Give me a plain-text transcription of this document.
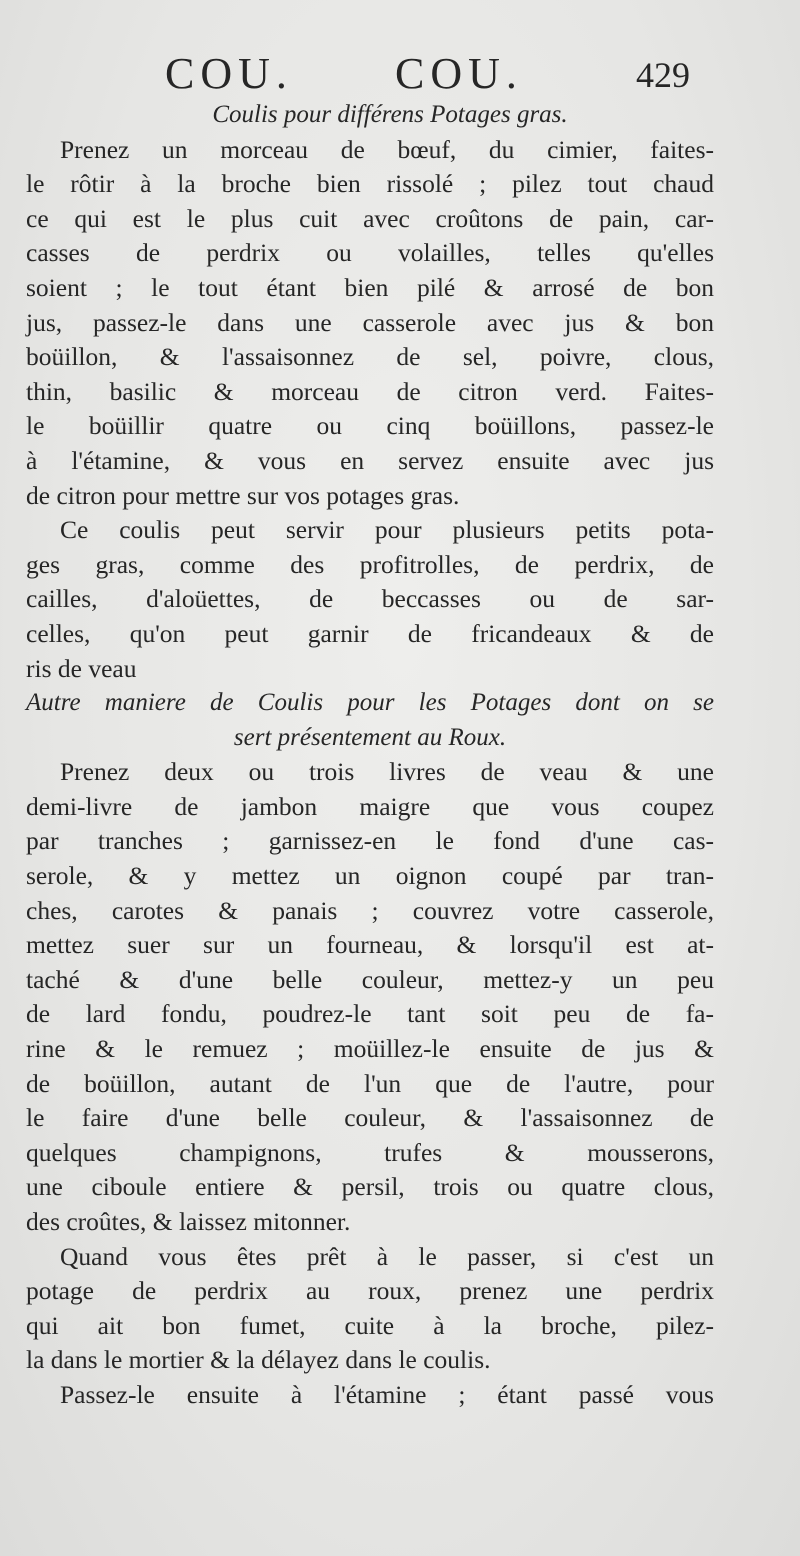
COU. COU.	429
Coulis pour différens Potages gras.
Prenez un morceau de bœuf, du cimier, faites-
le rôtir à la broche bien rissolé ; pilez tout chaud
ce qui est le plus cuit avec croûtons de pain, car-
casses de perdrix ou volailles, telles qu'elles
soient ; le tout étant bien pilé & arrosé de bon
jus, passez-le dans une casserole avec jus & bon
boüillon, & l'assaisonnez de sel, poivre, clous,
thin, basilic & morceau de citron verd. Faites-
le boüillir quatre ou cinq boüillons, passez-le
à l'étamine, & vous en servez ensuite avec jus
de citron pour mettre sur vos potages gras.
Ce coulis peut servir pour plusieurs petits pota-
ges gras, comme des profitrolles, de perdrix, de
cailles, d'aloüettes, de beccasses ou de sar-
celles, qu'on peut garnir de fricandeaux & de
ris de veau
Autre maniere de Coulis pour les Potages dont on se
sert présentement au Roux.
Prenez deux ou trois livres de veau & une
demi-livre de jambon maigre que vous coupez
par tranches ; garnissez-en le fond d'une cas-
serole, & y mettez un oignon coupé par tran-
ches, carotes & panais ; couvrez votre casserole,
mettez suer sur un fourneau, & lorsqu'il est at-
taché & d'une belle couleur, mettez-y un peu
de lard fondu, poudrez-le tant soit peu de fa-
rine & le remuez ; moüillez-le ensuite de jus &
de boüillon, autant de l'un que de l'autre, pour
le faire d'une belle couleur, & l'assaisonnez de
quelques champignons, trufes & mousserons,
une ciboule entiere & persil, trois ou quatre clous,
des croûtes, & laissez mitonner.
Quand vous êtes prêt à le passer, si c'est un
potage de perdrix au roux, prenez une perdrix
qui ait bon fumet, cuite à la broche, pilez-
la dans le mortier & la délayez dans le coulis.
Passez-le ensuite à l'étamine ; étant passé vous
